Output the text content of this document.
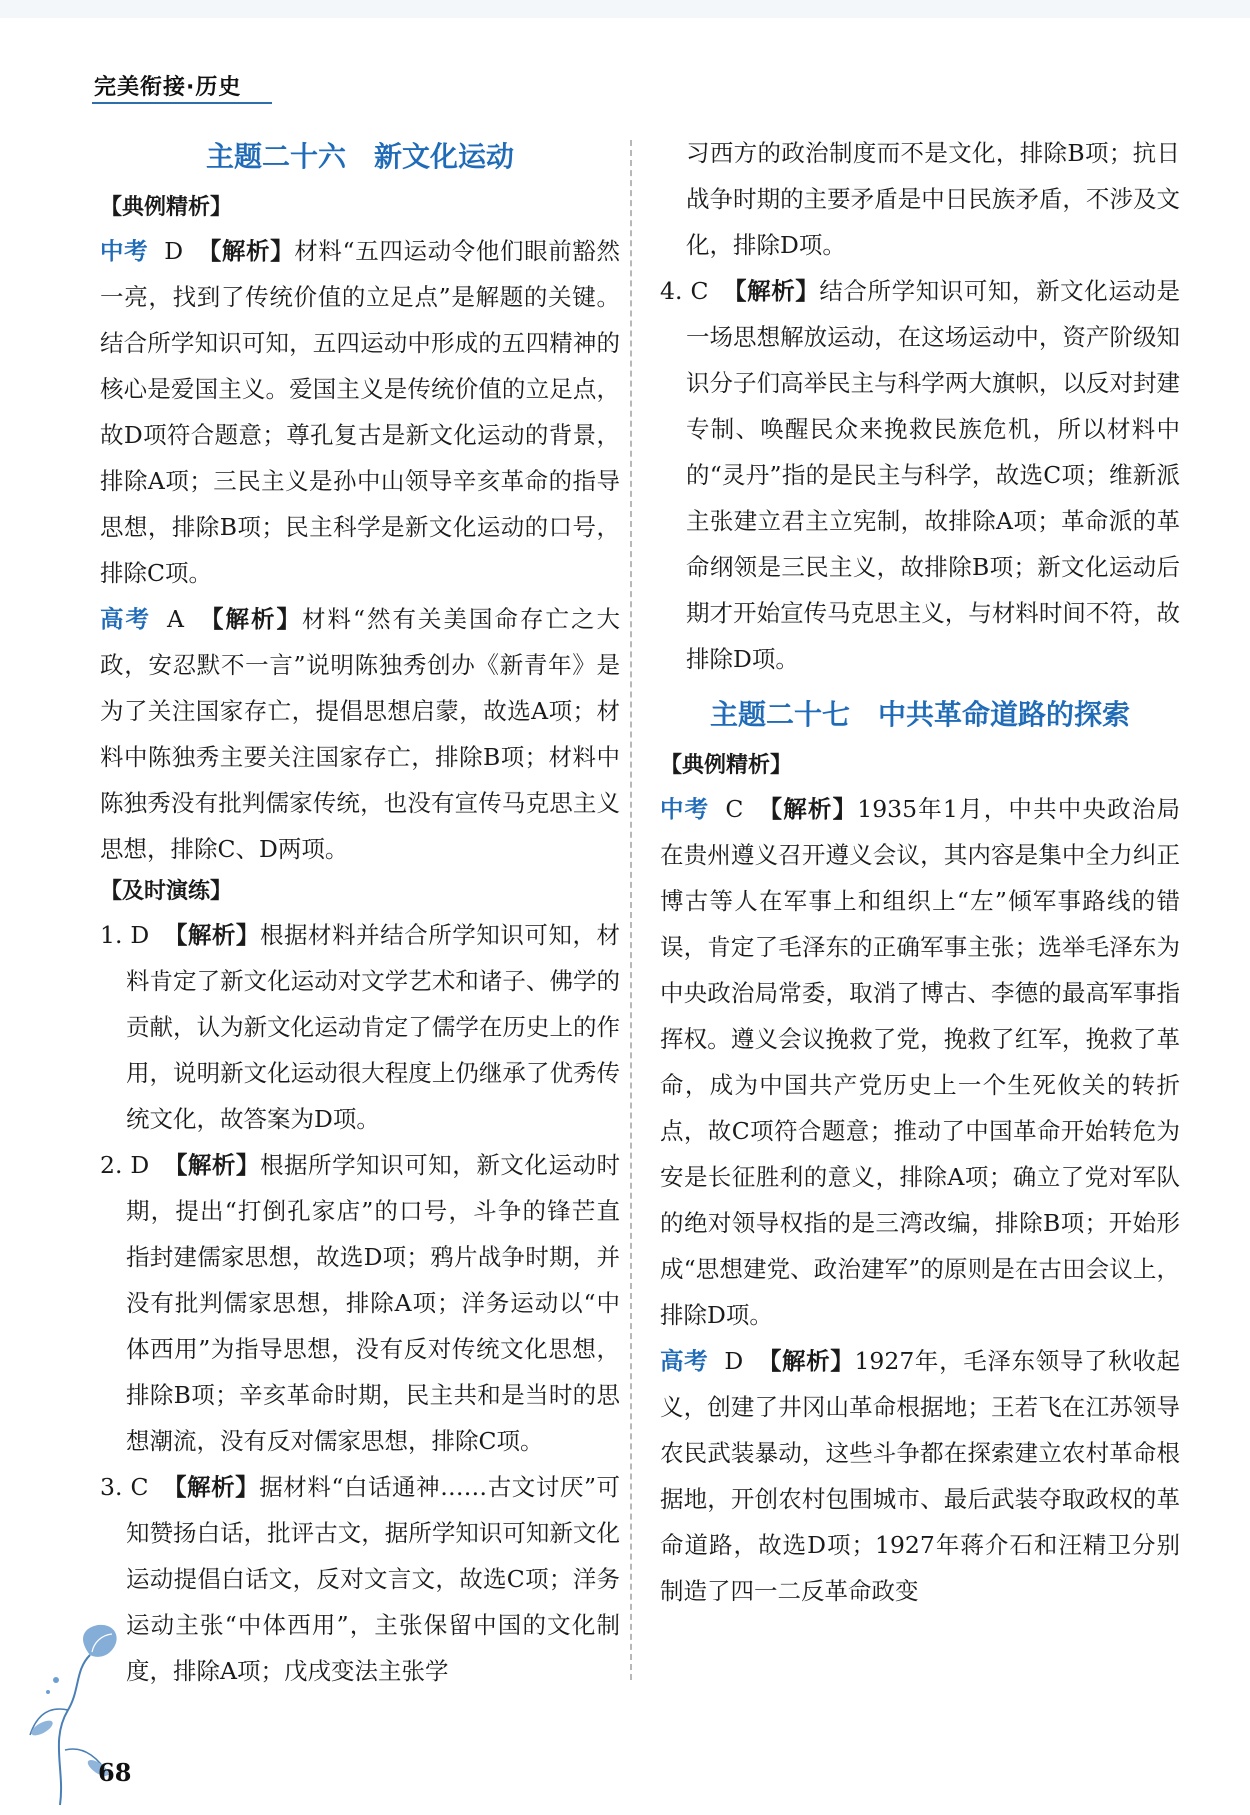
完美衔接·历史
主题二十六　新文化运动
【典例精析】

中考 D 【解析】材料“五四运动令他们眼前豁然一亮，找到了传统价值的立足点”是解题的关键。结合所学知识可知，五四运动中形成的五四精神的核心是爱国主义。爱国主义是传统价值的立足点，故D项符合题意；尊孔复古是新文化运动的背景，排除A项；三民主义是孙中山领导辛亥革命的指导思想，排除B项；民主科学是新文化运动的口号，排除C项。

高考 A 【解析】材料“然有关美国命存亡之大政，安忍默不一言”说明陈独秀创办《新青年》是为了关注国家存亡，提倡思想启蒙，故选A项；材料中陈独秀主要关注国家存亡，排除B项；材料中陈独秀没有批判儒家传统，也没有宣传马克思主义思想，排除C、D两项。

【及时演练】

1. D 【解析】根据材料并结合所学知识可知，材料肯定了新文化运动对文学艺术和诸子、佛学的贡献，认为新文化运动肯定了儒学在历史上的作用，说明新文化运动很大程度上仍继承了优秀传统文化，故答案为D项。

2. D 【解析】根据所学知识可知，新文化运动时期，提出“打倒孔家店”的口号，斗争的锋芒直指封建儒家思想，故选D项；鸦片战争时期，并没有批判儒家思想，排除A项；洋务运动以“中体西用”为指导思想，没有反对传统文化思想，排除B项；辛亥革命时期，民主共和是当时的思想潮流，没有反对儒家思想，排除C项。

3. C 【解析】据材料“白话通神……古文讨厌”可知赞扬白话，批评古文，据所学知识可知新文化运动提倡白话文，反对文言文，故选C项；洋务运动主张“中体西用”，主张保留中国的文化制度，排除A项；戊戌变法主张学

习西方的政治制度而不是文化，排除B项；抗日战争时期的主要矛盾是中日民族矛盾，不涉及文化，排除D项。

4. C 【解析】结合所学知识可知，新文化运动是一场思想解放运动，在这场运动中，资产阶级知识分子们高举民主与科学两大旗帜，以反对封建专制、唤醒民众来挽救民族危机，所以材料中的“灵丹”指的是民主与科学，故选C项；维新派主张建立君主立宪制，故排除A项；革命派的革命纲领是三民主义，故排除B项；新文化运动后期才开始宣传马克思主义，与材料时间不符，故排除D项。

主题二十七　中共革命道路的探索
【典例精析】

中考 C 【解析】1935年1月，中共中央政治局在贵州遵义召开遵义会议，其内容是集中全力纠正博古等人在军事上和组织上“左”倾军事路线的错误，肯定了毛泽东的正确军事主张；选举毛泽东为中央政治局常委，取消了博古、李德的最高军事指挥权。遵义会议挽救了党，挽救了红军，挽救了革命，成为中国共产党历史上一个生死攸关的转折点，故C项符合题意；推动了中国革命开始转危为安是长征胜利的意义，排除A项；确立了党对军队的绝对领导权指的是三湾改编，排除B项；开始形成“思想建党、政治建军”的原则是在古田会议上，排除D项。

高考 D 【解析】1927年，毛泽东领导了秋收起义，创建了井冈山革命根据地；王若飞在江苏领导农民武装暴动，这些斗争都在探索建立农村革命根据地，开创农村包围城市、最后武装夺取政权的革命道路，故选D项；1927年蒋介石和汪精卫分别制造了四一二反革命政变

68
